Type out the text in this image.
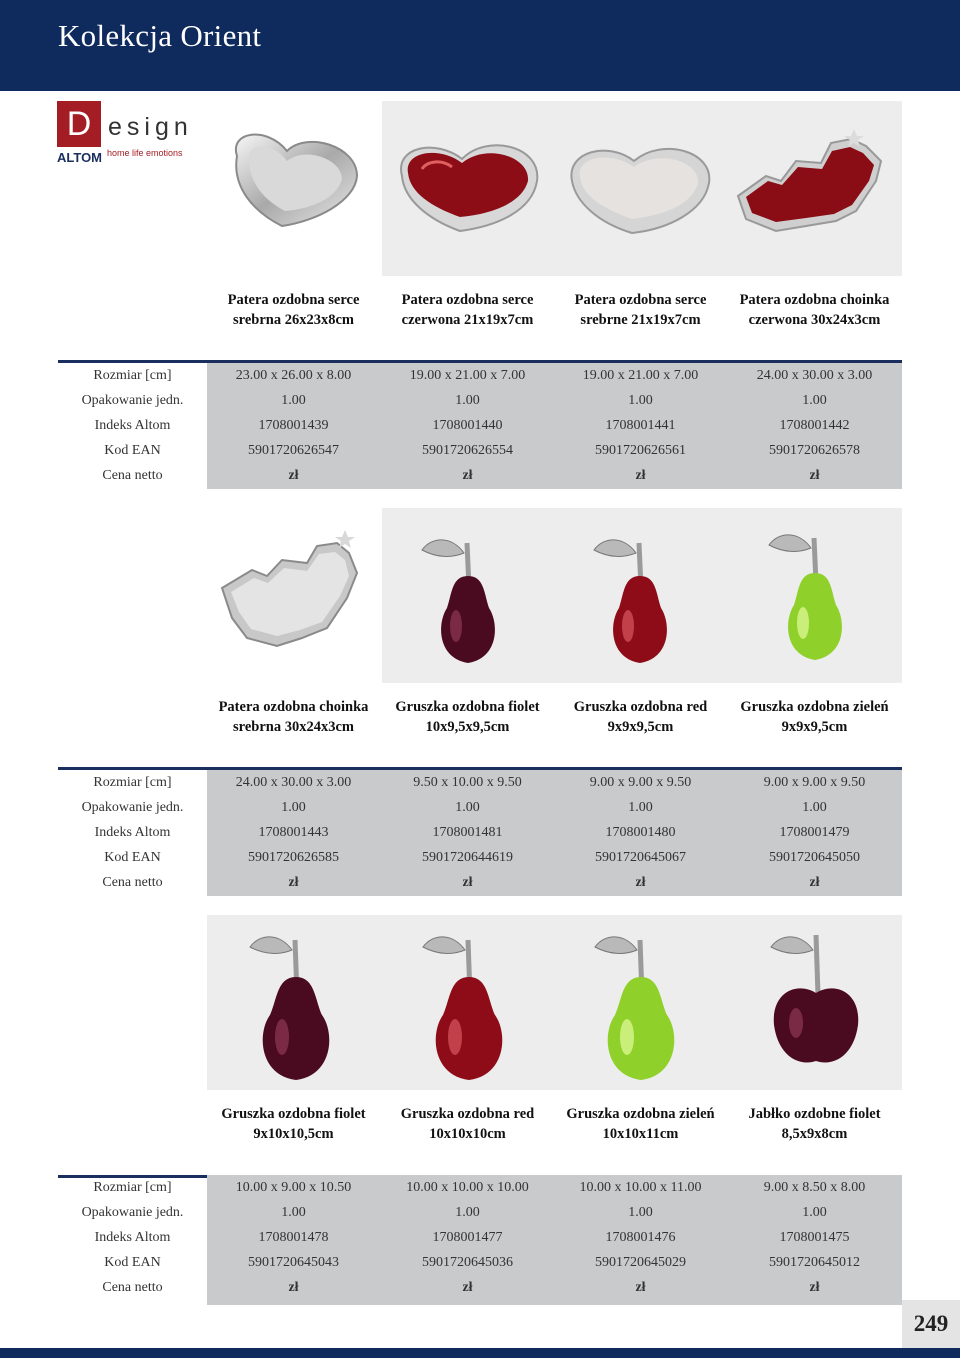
Kolekcja Orient
D esign
ALTOM home life emotions
Patera ozdobna serce
srebrna 26x23x8cm
Patera ozdobna serce
czerwona 21x19x7cm
Patera ozdobna serce
srebrne 21x19x7cm
Patera ozdobna choinka
czerwona 30x24x3cm
Rozmiar [cm]
Opakowanie jedn.
Indeks Altom
Kod EAN
Cena netto
23.00 x 26.00 x 8.00
1.00
1708001439
5901720626547
zł
19.00 x 21.00 x 7.00
1.00
1708001440
5901720626554
zł
19.00 x 21.00 x 7.00
1.00
1708001441
5901720626561
zł
24.00 x 30.00 x 3.00
1.00
1708001442
5901720626578
zł
Patera ozdobna choinka
srebrna 30x24x3cm
Gruszka ozdobna fiolet
10x9,5x9,5cm
Gruszka ozdobna red
9x9x9,5cm
Gruszka ozdobna zieleń
9x9x9,5cm
Rozmiar [cm]
Opakowanie jedn.
Indeks Altom
Kod EAN
Cena netto
24.00 x 30.00 x 3.00
1.00
1708001443
5901720626585
zł
9.50 x 10.00 x 9.50
1.00
1708001481
5901720644619
zł
9.00 x 9.00 x 9.50
1.00
1708001480
5901720645067
zł
9.00 x 9.00 x 9.50
1.00
1708001479
5901720645050
zł
Gruszka ozdobna fiolet
9x10x10,5cm
Gruszka ozdobna red
10x10x10cm
Gruszka ozdobna zieleń
10x10x11cm
Jabłko ozdobne fiolet
8,5x9x8cm
Rozmiar [cm]
Opakowanie jedn.
Indeks Altom
Kod EAN
Cena netto
10.00 x 9.00 x 10.50
1.00
1708001478
5901720645043
zł
10.00 x 10.00 x 10.00
1.00
1708001477
5901720645036
zł
10.00 x 10.00 x 11.00
1.00
1708001476
5901720645029
zł
9.00 x 8.50 x 8.00
1.00
1708001475
5901720645012
zł
249
